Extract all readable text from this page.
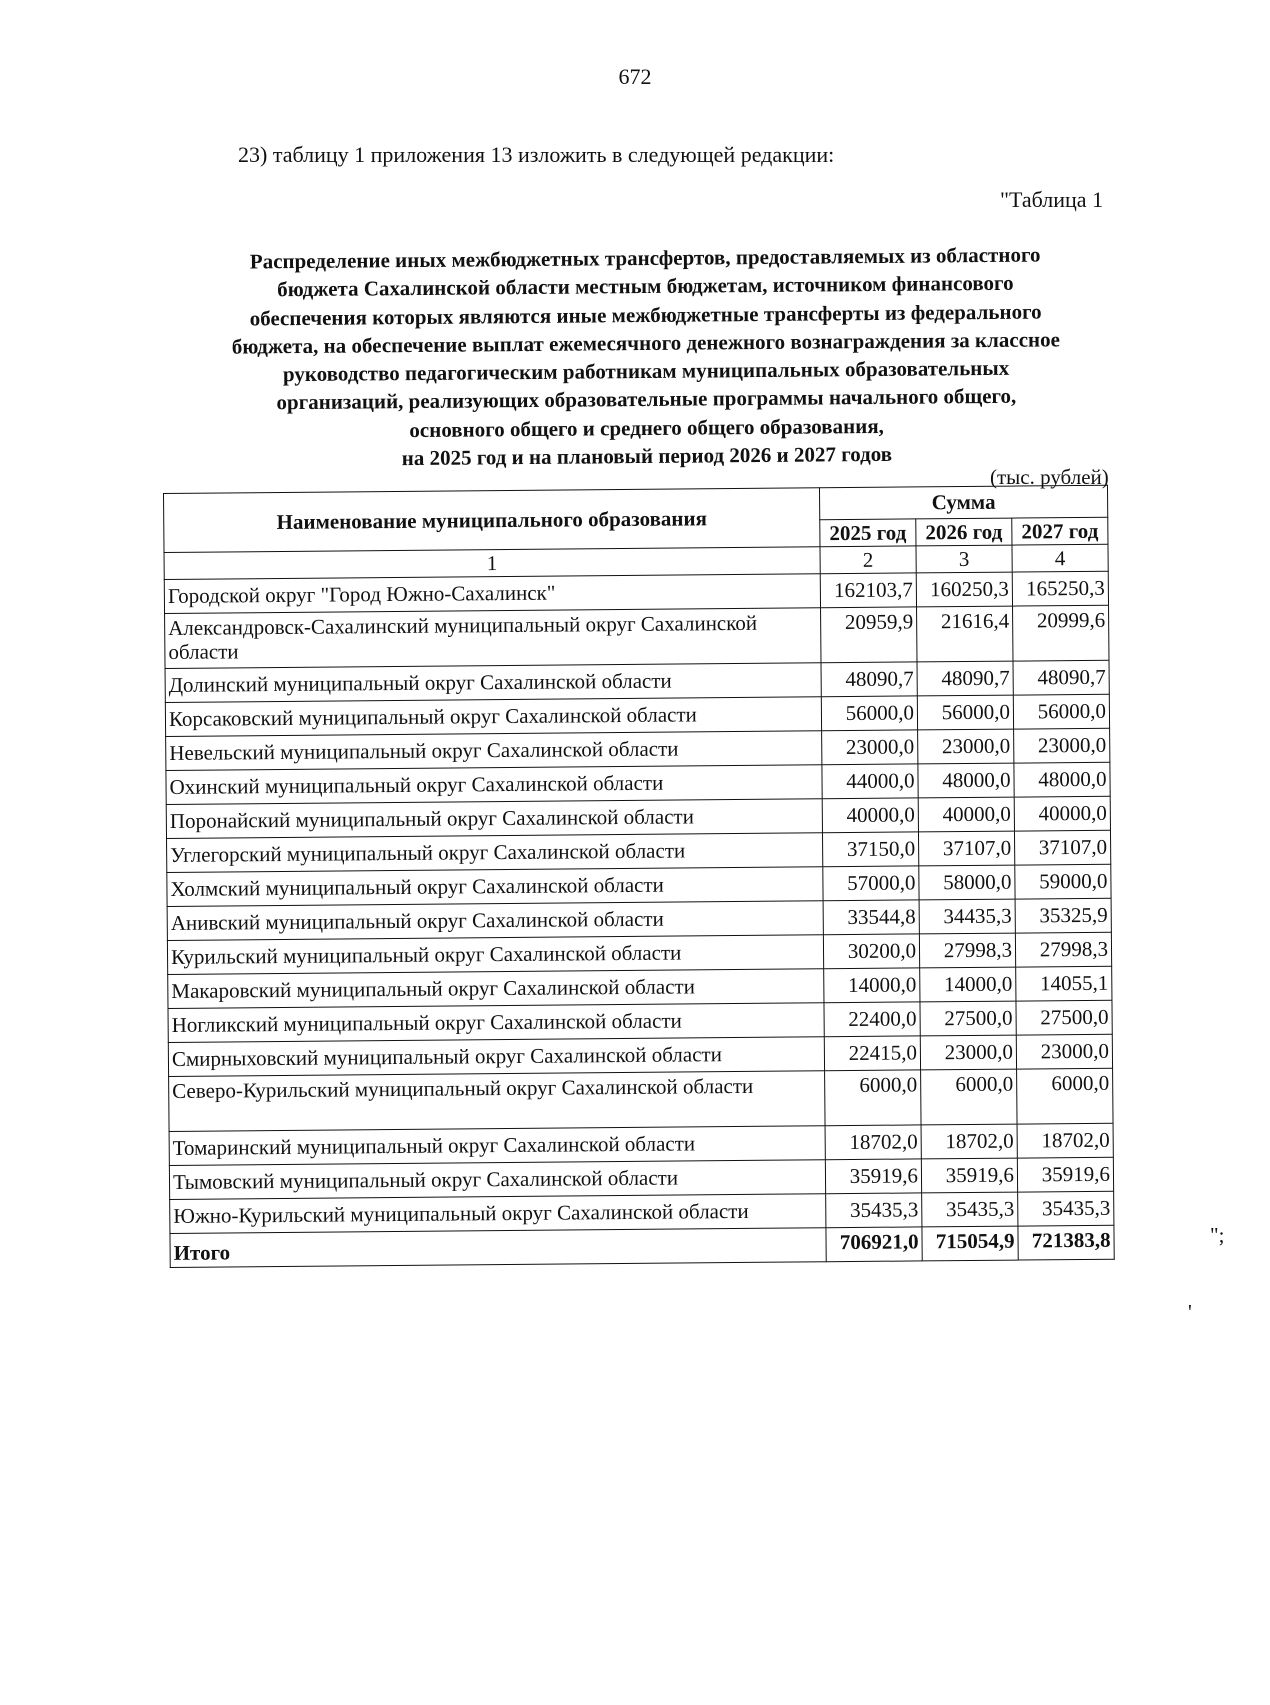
672
23) таблицу 1 приложения 13 изложить в следующей редакции:
"Таблица 1
Распределение иных межбюджетных трансфертов, предоставляемых из областного
бюджета Сахалинской области местным бюджетам, источником финансового
обеспечения которых являются иные межбюджетные трансферты из федерального
бюджета, на обеспечение выплат ежемесячного денежного вознаграждения за классное
руководство педагогическим работникам муниципальных образовательных
организаций, реализующих образовательные программы начального общего,
основного общего и среднего общего образования,
на 2025 год и на плановый период 2026 и 2027 годов
(тыс. рублей)
Наименование муниципального образования	Сумма		
	2025 год	2026 год	2027 год
1	2	3	4
Городской округ "Город Южно-Сахалинск"	162103,7	160250,3	165250,3
Александровск-Сахалинский муниципальный округ Сахалинской области	20959,9	21616,4	20999,6
Долинский муниципальный округ Сахалинской области	48090,7	48090,7	48090,7
Корсаковский муниципальный округ Сахалинской области	56000,0	56000,0	56000,0
Невельский муниципальный округ Сахалинской области	23000,0	23000,0	23000,0
Охинский муниципальный округ Сахалинской области	44000,0	48000,0	48000,0
Поронайский муниципальный округ Сахалинской области	40000,0	40000,0	40000,0
Углегорский муниципальный округ Сахалинской области	37150,0	37107,0	37107,0
Холмский муниципальный округ Сахалинской области	57000,0	58000,0	59000,0
Анивский муниципальный округ Сахалинской области	33544,8	34435,3	35325,9
Курильский муниципальный округ Сахалинской области	30200,0	27998,3	27998,3
Макаровский муниципальный округ Сахалинской области	14000,0	14000,0	14055,1
Ногликский муниципальный округ Сахалинской области	22400,0	27500,0	27500,0
Смирныховский муниципальный округ Сахалинской области	22415,0	23000,0	23000,0
Северо-Курильский муниципальный округ Сахалинской области	6000,0	6000,0	6000,0
Томаринский муниципальный округ Сахалинской области	18702,0	18702,0	18702,0
Тымовский муниципальный округ Сахалинской области	35919,6	35919,6	35919,6
Южно-Курильский муниципальный округ Сахалинской области	35435,3	35435,3	35435,3
Итого	706921,0	715054,9	721383,8	";
'
